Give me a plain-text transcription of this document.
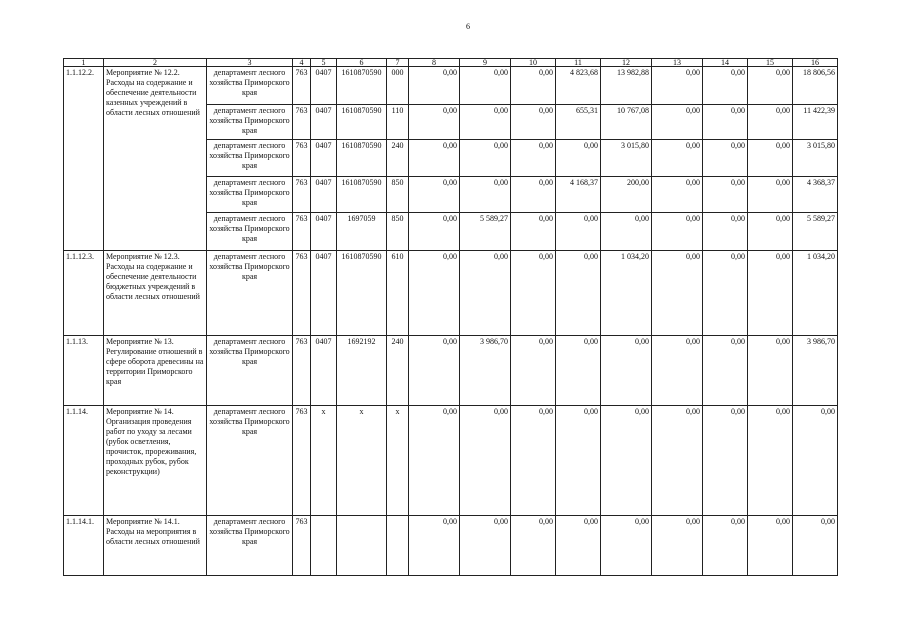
6
1	2	3	4	5	6	7	8	9	10	11	12	13	14	15	16
1.1.12.2.	Мероприятие № 12.2. Расходы на содержание и обеспечение деятельности казенных учреждений в области лесных отношений	департамент лесного хозяйства Приморского края	763	0407	1610870590	000	0,00	0,00	0,00	4 823,68	13 982,88	0,00	0,00	0,00	18 806,56
		департамент лесного хозяйства Приморского края	763	0407	1610870590	110	0,00	0,00	0,00	655,31	10 767,08	0,00	0,00	0,00	11 422,39
		департамент лесного хозяйства Приморского края	763	0407	1610870590	240	0,00	0,00	0,00	0,00	3 015,80	0,00	0,00	0,00	3 015,80
		департамент лесного хозяйства Приморского края	763	0407	1610870590	850	0,00	0,00	0,00	4 168,37	200,00	0,00	0,00	0,00	4 368,37
		департамент лесного хозяйства Приморского края	763	0407	1697059	850	0,00	5 589,27	0,00	0,00	0,00	0,00	0,00	0,00	5 589,27
1.1.12.3.	Мероприятие № 12.3. Расходы на содержание и обеспечение деятельности бюджетных учреждений в области лесных отношений	департамент лесного хозяйства Приморского края	763	0407	1610870590	610	0,00	0,00	0,00	0,00	1 034,20	0,00	0,00	0,00	1 034,20
1.1.13.	Мероприятие № 13. Регулирование отношений в сфере оборота древесины на территории Приморского края	департамент лесного хозяйства Приморского края	763	0407	1692192	240	0,00	3 986,70	0,00	0,00	0,00	0,00	0,00	0,00	3 986,70
1.1.14.	Мероприятие № 14. Организация проведения работ по уходу за лесами (рубок осветления, прочисток, прореживания, проходных рубок, рубок реконструкции)	департамент лесного хозяйства Приморского края	763	x	x	x	0,00	0,00	0,00	0,00	0,00	0,00	0,00	0,00	0,00
1.1.14.1.	Мероприятие № 14.1. Расходы на мероприятия в области лесных отношений	департамент лесного хозяйства Приморского края	763				0,00	0,00	0,00	0,00	0,00	0,00	0,00	0,00	0,00
